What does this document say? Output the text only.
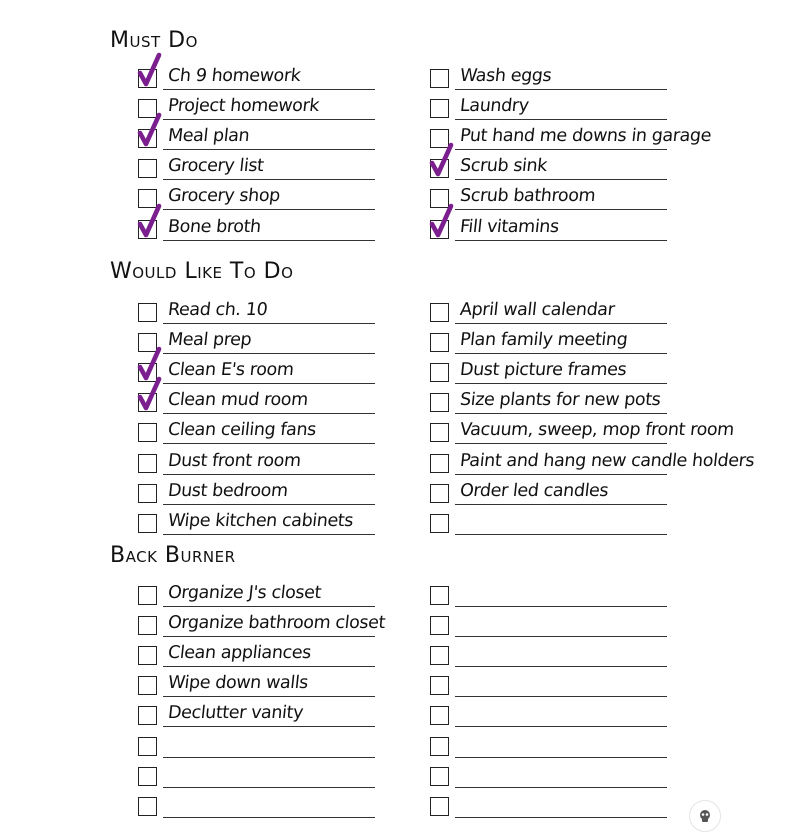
Must Do
Ch 9 homework
Project homework
Meal plan
Grocery list
Grocery shop
Bone broth
Wash eggs
Laundry
Put hand me downs in garage
Scrub sink
Scrub bathroom
Fill vitamins
Would Like To Do
Read ch. 10
Meal prep
Clean E's room
Clean mud room
Clean ceiling fans
Dust front room
Dust bedroom
Wipe kitchen cabinets
April wall calendar
Plan family meeting
Dust picture frames
Size plants for new pots
Vacuum, sweep, mop front room
Paint and hang new candle holders
Order led candles
Back Burner
Organize J's closet
Organize bathroom closet
Clean appliances
Wipe down walls
Declutter vanity
